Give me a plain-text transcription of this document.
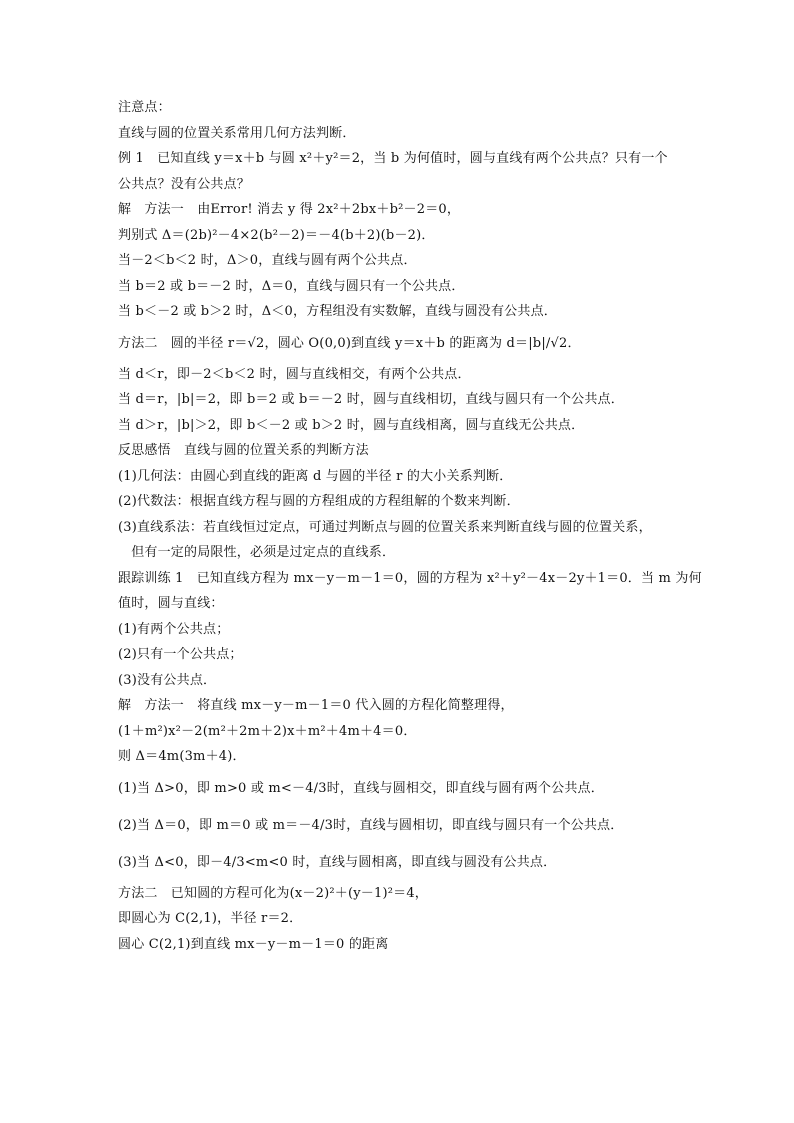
注意点：
直线与圆的位置关系常用几何方法判断．
例 1　已知直线 y＝x＋b 与圆 x²＋y²＝2，当 b 为何值时，圆与直线有两个公共点？只有一个
公共点？没有公共点？
解　方法一　由Error! 消去 y 得 2x²＋2bx＋b²－2＝0，
判别式 Δ＝(2b)²－4×2(b²－2)＝－4(b＋2)(b－2)．
当－2＜b＜2 时，Δ＞0，直线与圆有两个公共点．
当 b＝2 或 b＝－2 时，Δ＝0，直线与圆只有一个公共点．
当 b＜－2 或 b＞2 时，Δ＜0，方程组没有实数解，直线与圆没有公共点．
方法二　圆的半径 r＝√2，圆心 O(0,0)到直线 y＝x＋b 的距离为 d＝|b|/√2．
当 d＜r，即－2＜b＜2 时，圆与直线相交，有两个公共点．
当 d＝r，|b|＝2，即 b＝2 或 b＝－2 时，圆与直线相切，直线与圆只有一个公共点．
当 d＞r，|b|＞2，即 b＜－2 或 b＞2 时，圆与直线相离，圆与直线无公共点．
反思感悟　直线与圆的位置关系的判断方法
(1)几何法：由圆心到直线的距离 d 与圆的半径 r 的大小关系判断．
(2)代数法：根据直线方程与圆的方程组成的方程组解的个数来判断．
(3)直线系法：若直线恒过定点，可通过判断点与圆的位置关系来判断直线与圆的位置关系，
　但有一定的局限性，必须是过定点的直线系．
跟踪训练 1　已知直线方程为 mx－y－m－1＝0，圆的方程为 x²＋y²－4x－2y＋1＝0．当 m 为何
值时，圆与直线：
(1)有两个公共点；
(2)只有一个公共点；
(3)没有公共点．
解　方法一　将直线 mx－y－m－1＝0 代入圆的方程化简整理得，
(1＋m²)x²－2(m²＋2m＋2)x＋m²＋4m＋4＝0．
则 Δ＝4m(3m＋4)．
(1)当 Δ>0，即 m>0 或 m<－4/3时，直线与圆相交，即直线与圆有两个公共点．
(2)当 Δ＝0，即 m＝0 或 m＝－4/3时，直线与圆相切，即直线与圆只有一个公共点．
(3)当 Δ<0，即－4/3<m<0 时，直线与圆相离，即直线与圆没有公共点．
方法二　已知圆的方程可化为(x－2)²＋(y－1)²＝4，
即圆心为 C(2,1)，半径 r＝2．
圆心 C(2,1)到直线 mx－y－m－1＝0 的距离
